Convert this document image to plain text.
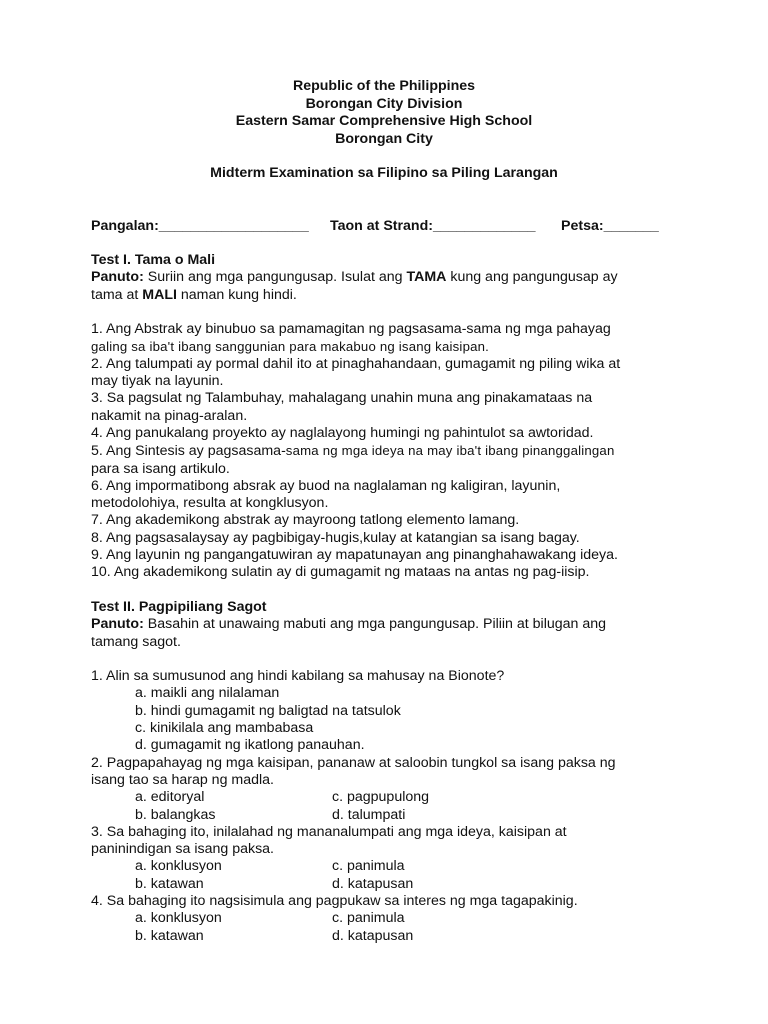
Republic of the Philippines
Borongan City Division
Eastern Samar Comprehensive High School
Borongan City
Midterm Examination sa Filipino sa Piling Larangan
Pangalan:___________________ Taon at Strand:_____________ Petsa:_______

Test I. Tama o Mali

Panuto: Suriin ang mga pangungusap. Isulat ang TAMA kung ang pangungusap ay

tama at MALI naman kung hindi.

1. Ang Abstrak ay binubuo sa pamamagitan ng pagsasama-sama ng mga pahayag

galing sa iba't ibang sanggunian para makabuo ng isang kaisipan.

2. Ang talumpati ay pormal dahil ito at pinaghahandaan, gumagamit ng piling wika at

may tiyak na layunin.

3. Sa pagsulat ng Talambuhay, mahalagang unahin muna ang pinakamataas na

nakamit na pinag-aralan.

4. Ang panukalang proyekto ay naglalayong humingi ng pahintulot sa awtoridad.

5. Ang Sintesis ay pagsasama-sama ng mga ideya na may iba't ibang pinanggalingan

para sa isang artikulo.

6. Ang impormatibong absrak ay buod na naglalaman ng kaligiran, layunin,

metodolohiya, resulta at kongklusyon.

7. Ang akademikong abstrak ay mayroong tatlong elemento lamang.

8. Ang pagsasalaysay ay pagbibigay-hugis,kulay at katangian sa isang bagay.

9. Ang layunin ng pangangatuwiran ay mapatunayan ang pinanghahawakang ideya.

10. Ang akademikong sulatin ay di gumagamit ng mataas na antas ng pag-iisip.

Test II. Pagpipiliang Sagot

Panuto: Basahin at unawaing mabuti ang mga pangungusap. Piliin at bilugan ang

tamang sagot.

1. Alin sa sumusunod ang hindi kabilang sa mahusay na Bionote?

a. maikli ang nilalaman

b. hindi gumagamit ng baligtad na tatsulok

c. kinikilala ang mambabasa

d. gumagamit ng ikatlong panauhan.

2. Pagpapahayag ng mga kaisipan, pananaw at saloobin tungkol sa isang paksa ng

isang tao sa harap ng madla.

a. editoryal	c. pagpupulong
b. balangkas	d. talumpati

3. Sa bahaging ito, inilalahad ng mananalumpati ang mga ideya, kaisipan at

paninindigan sa isang paksa.

a. konklusyon	c. panimula
b. katawan	d. katapusan

4. Sa bahaging ito nagsisimula ang pagpukaw sa interes ng mga tagapakinig.

a. konklusyon	c. panimula
b. katawan	d. katapusan
